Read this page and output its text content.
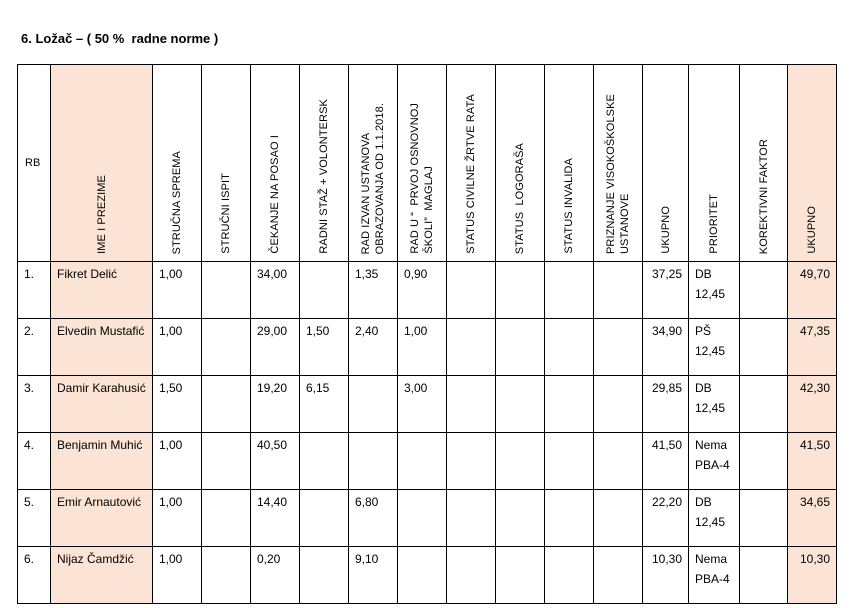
6. Ložač – ( 50 %  radne norme )
RB	IME I PREZIME	STRUČNA SPREMA	STRUČNI ISPIT	ČEKANJE NA POSAO I	RADNI STAŽ + VOLONTERSK	RAD IZVAN USTANOVA
OBRAZOVANJA OD 1.1.2018.	RAD U “  PRVOJ OSNOVNOJ
ŠKOLI”  MAGLAJ	STATUS CIVILNE ŽRTVE RATA	STATUS  LOGORAŠA	STATUS INVALIDA	PRIZNANJE VISOKOŠKOLSKE
USTANOVE	UKUPNO	PRIORITET	KOREKTIVNI FAKTOR	UKUPNO

1.	Fikret Delić	1,00		34,00		1,35	0,90					37,25	DB 12,45		49,70
2.	Elvedin Mustafić	1,00		29,00	1,50	2,40	1,00					34,90	PŠ 12,45		47,35
3.	Damir Karahusić	1,50		19,20	6,15		3,00					29,85	DB 12,45		42,30
4.	Benjamin Muhić	1,00		40,50								41,50	Nema PBA-4		41,50
5.	Emir Arnautović	1,00		14,40		6,80						22,20	DB 12,45		34,65
6.	Nijaz Čamdžić	1,00		0,20		9,10						10,30	Nema PBA-4		10,30
